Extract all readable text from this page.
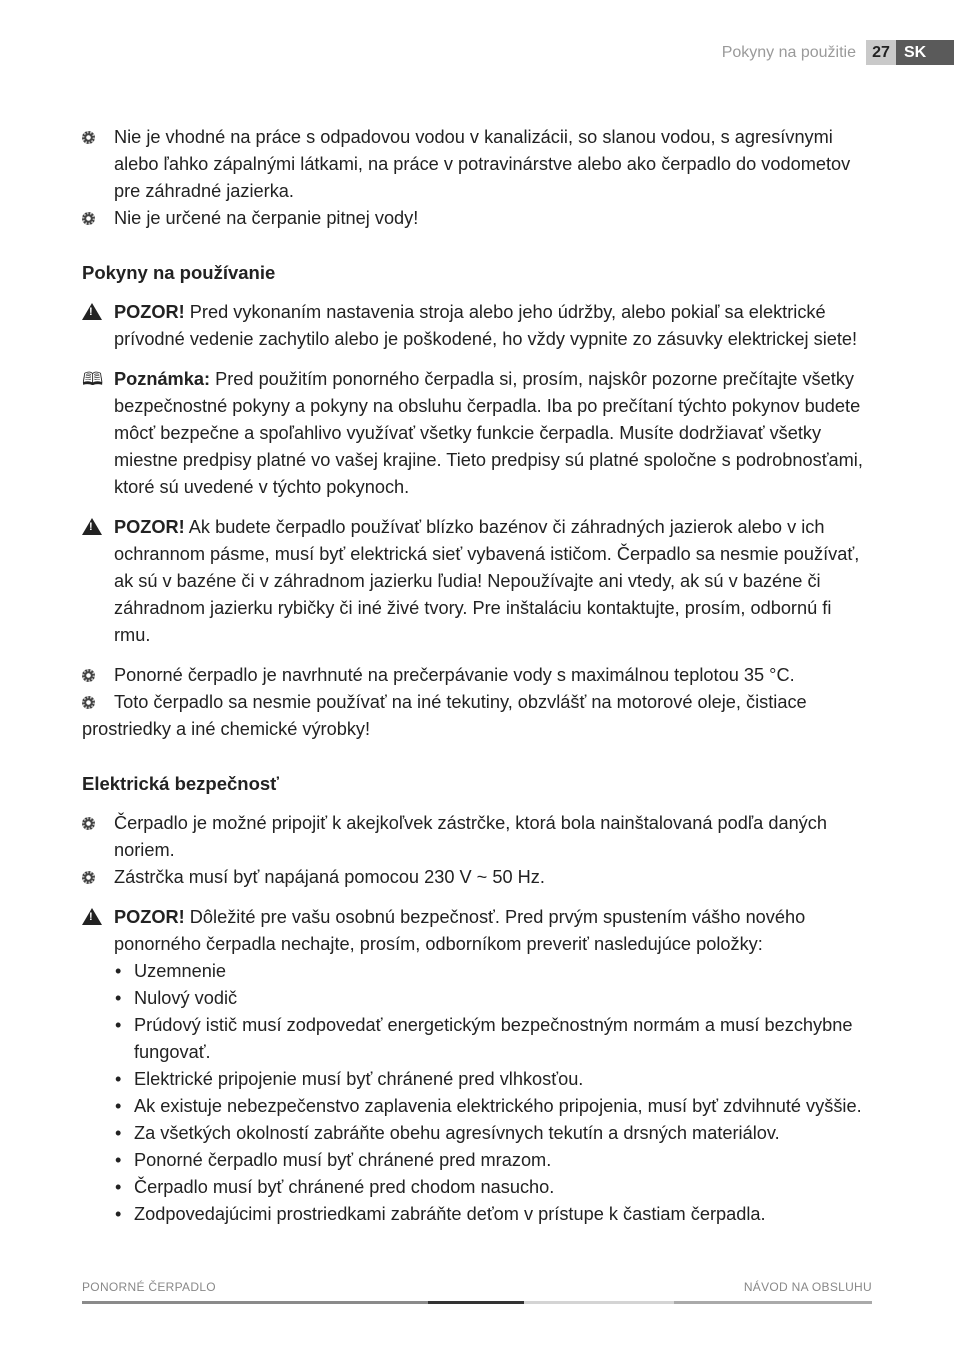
Pokyny na použitie	27 SK
Nie je vhodné na práce s odpadovou vodou v kanalizácii, so slanou vodou, s agresívnymi alebo ľahko zápalnými látkami, na práce v potravinárstve alebo ako čerpadlo do vodometov pre záhradné jazierka.
Nie je určené na čerpanie pitnej vody!
Pokyny na používanie
!
POZOR! Pred vykonaním nastavenia stroja alebo jeho údržby, alebo pokiaľ sa elektrické prívodné vedenie zachytilo alebo je poškodené, ho vždy vypnite zo zásuvky elektrickej siete!
🕮 Poznámka: Pred použitím ponorného čerpadla si, prosím, najskôr pozorne prečítajte všetky bezpečnostné pokyny a pokyny na obsluhu čerpadla. Iba po prečítaní týchto pokynov budete môcť bezpečne a spoľahlivo využívať všetky funkcie čerpadla. Musíte dodržiavať všetky miestne predpisy platné vo vašej krajine. Tieto predpisy sú platné spoločne s podrobnosťami, ktoré sú uvedené v týchto pokynoch.
!
POZOR! Ak budete čerpadlo používať blízko bazénov či záhradných jazierok alebo v ich ochrannom pásme, musí byť elektrická sieť vybavená ističom. Čerpadlo sa nesmie používať, ak sú v bazéne či v záhradnom jazierku ľudia! Nepoužívajte ani vtedy, ak sú v bazéne či záhradnom jazierku rybičky či iné živé tvory. Pre inštaláciu kontaktujte, prosím, odbornú fi rmu.
Ponorné čerpadlo je navrhnuté na prečerpávanie vody s maximálnou teplotou 35 °C.
Toto čerpadlo sa nesmie používať na iné tekutiny, obzvlášť na motorové oleje, čistiace
prostriedky a iné chemické výrobky!
Elektrická bezpečnosť
Čerpadlo je možné pripojiť k akejkoľvek zástrčke, ktorá bola nainštalovaná podľa daných noriem.
Zástrčka musí byť napájaná pomocou 230 V ~ 50 Hz.
!
POZOR! Dôležité pre vašu osobnú bezpečnosť. Pred prvým spustením vášho nového ponorného čerpadla nechajte, prosím, odborníkom preveriť nasledujúce položky:
• Uzemnenie
• Nulový vodič
• Prúdový istič musí zodpovedať energetickým bezpečnostným normám a musí bezchybne fungovať.
• Elektrické pripojenie musí byť chránené pred vlhkosťou.
• Ak existuje nebezpečenstvo zaplavenia elektrického pripojenia, musí byť zdvihnuté vyššie.
• Za všetkých okolností zabráňte obehu agresívnych tekutín a drsných materiálov.
• Ponorné čerpadlo musí byť chránené pred mrazom.
• Čerpadlo musí byť chránené pred chodom nasucho.
• Zodpovedajúcimi prostriedkami zabráňte deťom v prístupe k častiam čerpadla.
PONORNÉ ČERPADLO	NÁVOD NA OBSLUHU
